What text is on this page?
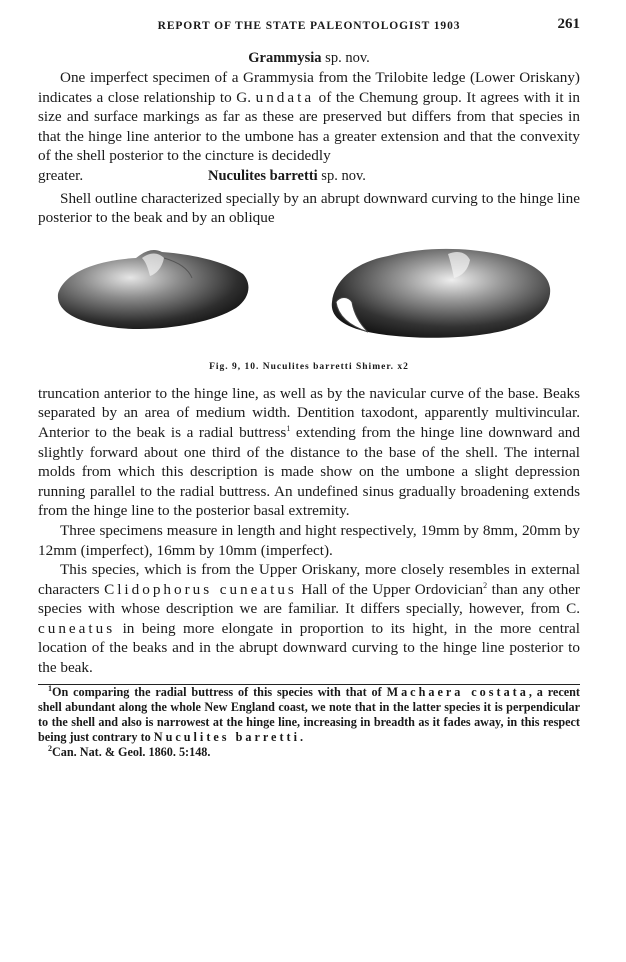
REPORT OF THE STATE PALEONTOLOGIST 1903	261
Grammysia sp. nov.

One imperfect specimen of a Grammysia from the Trilobite ledge (Lower Oriskany) indicates a close relationship to G. undata of the Chemung group. It agrees with it in size and surface markings as far as these are preserved but differs from that species in that the hinge line anterior to the umbone has a greater extension and that the convexity of the shell posterior to the cincture is decidedly

greater.	Nuculites barretti sp. nov.

Shell outline characterized specially by an abrupt downward curving to the hinge line posterior to the beak and by an oblique

Fig. 9, 10. Nuculites barretti Shimer. x2

truncation anterior to the hinge line, as well as by the navicular curve of the base. Beaks separated by an area of medium width. Dentition taxodont, apparently multivincular. Anterior to the beak is a radial buttress$^1$ extending from the hinge line downward and slightly forward about one third of the distance to the base of the shell. The internal molds from which this description is made show on the umbone a slight depression running parallel to the radial buttress. An undefined sinus gradually broadening extends from the hinge line to the posterior basal extremity.

Three specimens measure in length and hight respectively, 19mm by 8mm, 20mm by 12mm (imperfect), 16mm by 10mm (imperfect).

This species, which is from the Upper Oriskany, more closely resembles in external characters Clidophorus cuneatus Hall of the Upper Ordovician$^2$ than any other species with whose description we are familiar. It differs specially, however, from C. cuneatus in being more elongate in proportion to its hight, in the more central location of the beaks and in the abrupt downward curving to the hinge line posterior to the beak.

$^1$On comparing the radial buttress of this species with that of Machaera costata, a recent shell abundant along the whole New England coast, we note that in the latter species it is perpendicular to the shell and also is narrowest at the hinge line, increasing in breadth as it fades away, in this respect being just contrary to Nuculites barretti.

$^2$Can. Nat. & Geol. 1860. 5:148.
